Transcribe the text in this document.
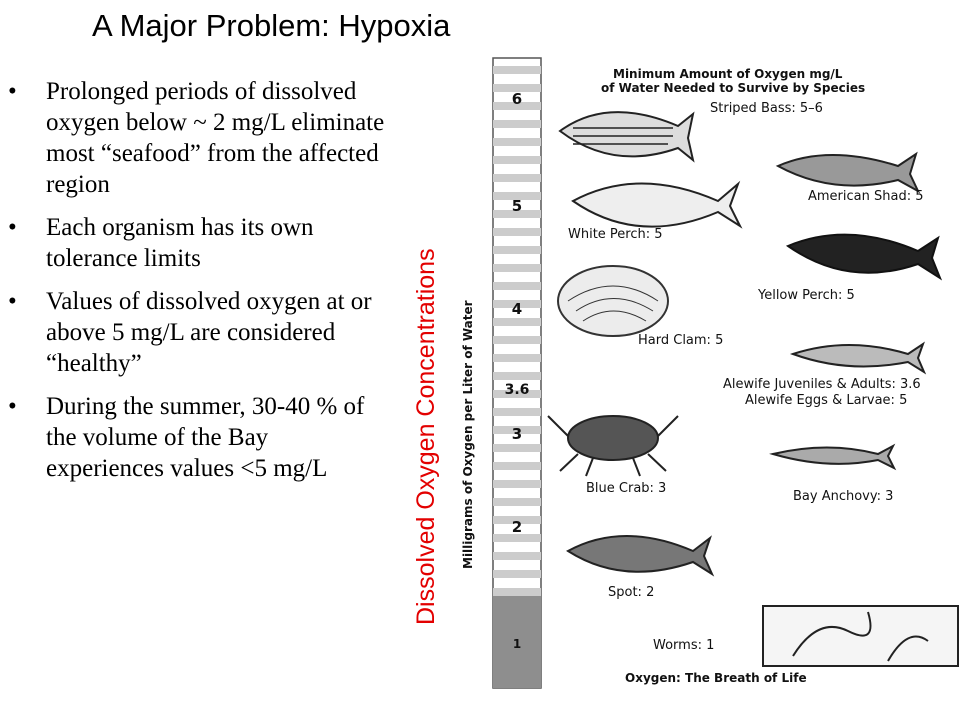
A Major Problem: Hypoxia
• Prolonged periods of dissolved oxygen below ~ 2 mg/L eliminate most “seafood” from the affected region
• Each organism has its own tolerance limits
• Values of dissolved oxygen at or above 5 mg/L are considered “healthy”
• During the summer, 30-40 % of the volume of the Bay experiences values <5 mg/L	Dissolved Oxygen Concentrations
6
5
4
3.6
3
2
1
Milligrams of Oxygen per Liter of Water
Minimum Amount of Oxygen mg/L
of Water Needed to Survive by Species
Striped Bass: 5–6
American Shad: 5
White Perch: 5
Yellow Perch: 5
Hard Clam: 5
Alewife Juveniles & Adults: 3.6
Alewife Eggs & Larvae: 5
Blue Crab: 3
Bay Anchovy: 3
Spot: 2
Worms: 1
Oxygen: The Breath of Life
